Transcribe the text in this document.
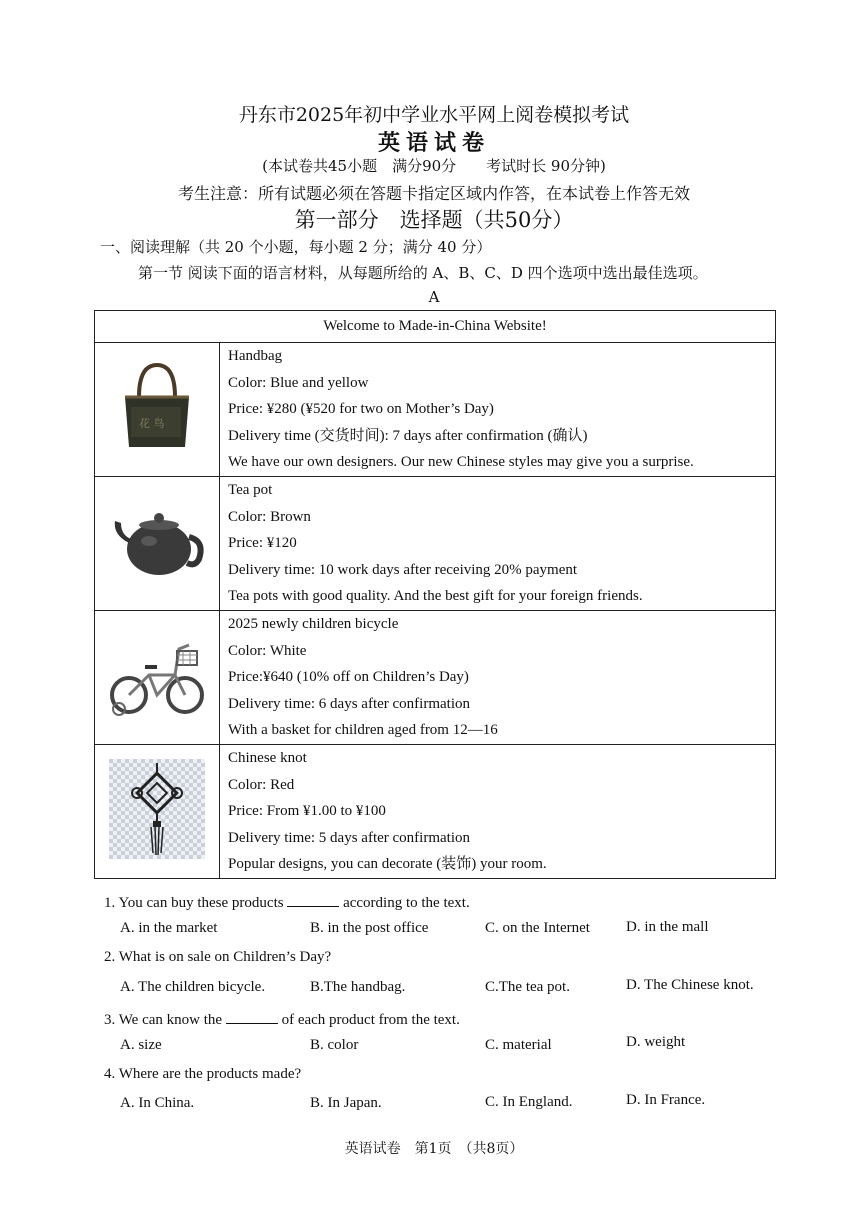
丹东市2025年初中学业水平网上阅卷模拟考试
英语试卷
(本试卷共45小题　满分90分　　考试时长 90分钟)
考生注意：所有试题必须在答题卡指定区域内作答，在本试卷上作答无效
第一部分　选择题（共50分）
一、阅读理解（共 20 个小题，每小题 2 分；满分 40 分）
第一节 阅读下面的语言材料，从每题所给的 A、B、C、D 四个选项中选出最佳选项。
A
Welcome to Made-in-China Website!	

花 鸟	Handbag
Color: Blue and yellow
Price: ¥280 (¥520 for two on Mother’s Day)
Delivery time (交货时间): 7 days after confirmation (确认)
We have our own designers. Our new Chinese styles may give you a surprise.

Tea pot
Color: Brown
Price: ¥120
Delivery time: 10 work days after receiving 20% payment
Tea pots with good quality. And the best gift for your foreign friends.

2025 newly children bicycle
Color: White
Price:¥640 (10% off on Children’s Day)
Delivery time: 6 days after confirmation
With a basket for children aged from 12—16

Chinese knot
Color: Red
Price: From ¥1.00 to ¥100
Delivery time: 5 days after confirmation
Popular designs, you can decorate (装饰) your room.
1. You can buy these products	according to the text.
A. in the market	B. in the post office	C. on the Internet D. in the mall
2. What is on sale on Children’s Day?
A. The children bicycle.	B.The handbag.	C.The tea pot.	D. The Chinese knot.
3. We can know the	of each product from the text.
A. size	B. color	C. material	D. weight
4. Where are the products made?
A. In China.	B. In Japan.	C. In England.	D. In France.
英语试卷　第1页　（共8页）
